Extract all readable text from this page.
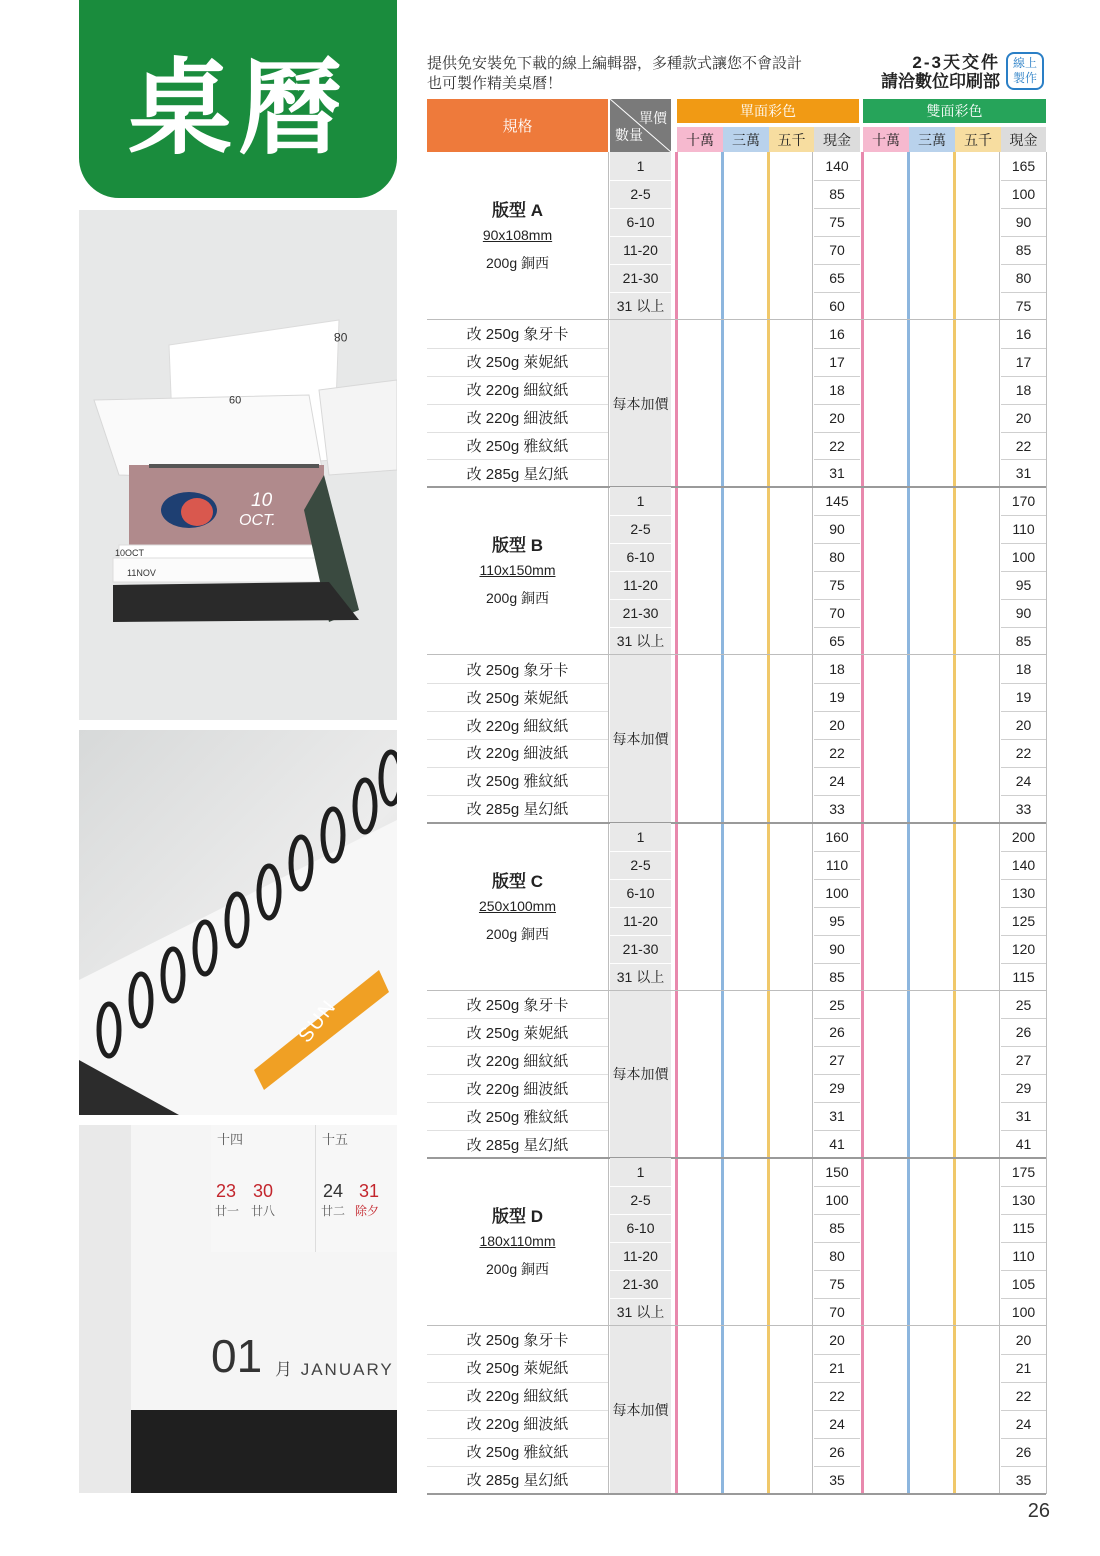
桌曆
08
09
10
OCT.
10OCT
11NOV
SUN
十四	十五
23 30
廿一 廿八
24 31
廿二 除夕
01 月 JANUARY
提供免安裝免下載的線上編輯器，多種款式讓您不會設計也可製作精美桌曆！
2-3天交件
請洽數位印刷部
線上
製作
規格	單價
數量
單面彩色	雙面彩色
十萬	三萬	五千	現金	十萬	三萬	五千	現金
版型 A
90x108mm
200g 銅西
1	140	165
2-5	85	100
6-10	75	90
11-20	70	85
21-30	65	80
31 以上	60	75
每本加價
改 250g 象牙卡	16	16
改 250g 萊妮紙	17	17
改 220g 細紋紙	18	18
改 220g 細波紙	20	20
改 250g 雅紋紙	22	22
改 285g 星幻紙	31	31
版型 B
110x150mm
200g 銅西
1	145	170
2-5	90	110
6-10	80	100
11-20	75	95
21-30	70	90
31 以上	65	85
每本加價
改 250g 象牙卡	18	18
改 250g 萊妮紙	19	19
改 220g 細紋紙	20	20
改 220g 細波紙	22	22
改 250g 雅紋紙	24	24
改 285g 星幻紙	33	33
版型 C
250x100mm
200g 銅西
1	160	200
2-5	110	140
6-10	100	130
11-20	95	125
21-30	90	120
31 以上	85	115
每本加價
改 250g 象牙卡	25	25
改 250g 萊妮紙	26	26
改 220g 細紋紙	27	27
改 220g 細波紙	29	29
改 250g 雅紋紙	31	31
改 285g 星幻紙	41	41
版型 D
180x110mm
200g 銅西
1	150	175
2-5	100	130
6-10	85	115
11-20	80	110
21-30	75	105
31 以上	70	100
每本加價
改 250g 象牙卡	20	20
改 250g 萊妮紙	21	21
改 220g 細紋紙	22	22
改 220g 細波紙	24	24
改 250g 雅紋紙	26	26
改 285g 星幻紙	35	35
26
